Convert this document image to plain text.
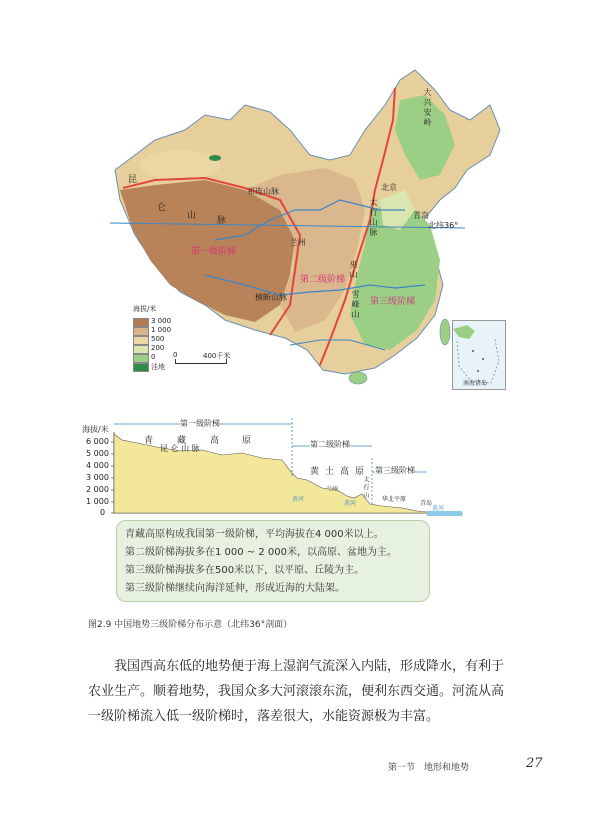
昆
仑
山 脉
祁连山脉
大兴安岭
北京
太行山脉
兰州
横断山脉	雪峰山
巫山
北纬36°
青岛
第一级阶梯
第二级阶梯
第三级阶梯
海拔/米
3 000
1 000
500
200
0
洼地
0	400千米
南海诸岛
海拔/米
6 000
5 000
4 000
3 000
2 000
1 000
0
第一级阶梯
第二级阶梯
第三级阶梯
青	藏	高	原
昆 仑 山 脉
黄 土 高 原
兰州
黄河
黄河
黄河
太行山 华北平原
青岛
青藏高原构成我国第一级阶梯，平均海拔在4 000米以上。
第二级阶梯海拔多在1 000 ~ 2 000米，以高原、盆地为主。
第三级阶梯海拔多在500米以下，以平原、丘陵为主。
第三级阶梯继续向海洋延伸，形成近海的大陆架。
图2.9 中国地势三级阶梯分布示意（北纬36°剖面）

我国西高东低的地势便于海上湿润气流深入内陆，形成降水，有利于农业生产。顺着地势，我国众多大河滚滚东流，便利东西交通。河流从高一级阶梯流入低一级阶梯时，落差很大，水能资源极为丰富。

第一节　地形和地势	27
